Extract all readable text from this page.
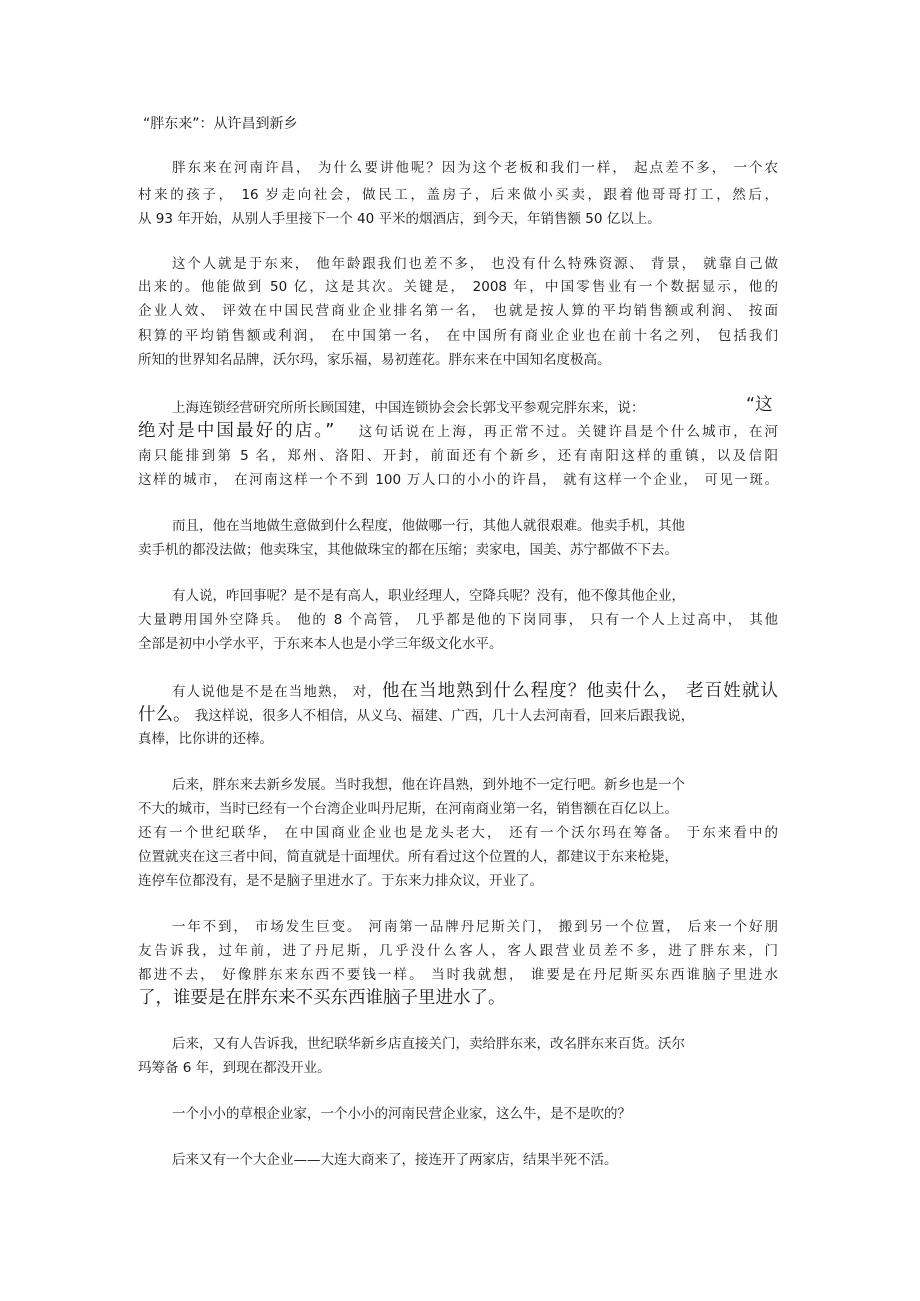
“胖东来”：从许昌到新乡
胖东来在河南许昌， 为什么要讲他呢？因为这个老板和我们一样， 起点差不多， 一个农
村来的孩子， 16 岁走向社会，做民工，盖房子，后来做小买卖，跟着他哥哥打工，然后，
从 93 年开始，从别人手里接下一个 40 平米的烟酒店，到今天，年销售额 50 亿以上。
这个人就是于东来， 他年龄跟我们也差不多， 也没有什么特殊资源、 背景， 就靠自己做
出来的。他能做到 50 亿，这是其次。关键是， 2008 年，中国零售业有一个数据显示，他的
企业人效、 评效在中国民营商业企业排名第一名， 也就是按人算的平均销售额或利润、 按面
积算的平均销售额或利润， 在中国第一名， 在中国所有商业企业也在前十名之列， 包括我们
所知的世界知名品牌，沃尔玛，家乐福，易初莲花。胖东来在中国知名度极高。
上海连锁经营研究所所长顾国建，中国连锁协会会长郭戈平参观完胖东来，说：	“这
绝对是中国最好的店。” 这句话说在上海，再正常不过。关键许昌是个什么城市，在河
南只能排到第 5 名，郑州、洛阳、开封，前面还有个新乡，还有南阳这样的重镇，以及信阳
这样的城市， 在河南这样一个不到 100 万人口的小小的许昌， 就有这样一个企业， 可见一斑。
而且，他在当地做生意做到什么程度，他做哪一行，其他人就很艰难。他卖手机，其他
卖手机的都没法做；他卖珠宝，其他做珠宝的都在压缩；卖家电，国美、苏宁都做不下去。
有人说，咋回事呢？是不是有高人，职业经理人，空降兵呢？没有，他不像其他企业，
大量聘用国外空降兵。 他的 8 个高管， 几乎都是他的下岗同事， 只有一个人上过高中， 其他
全部是初中小学水平，于东来本人也是小学三年级文化水平。
有人说他是不是在当地熟， 对，他在当地熟到什么程度？他卖什么， 老百姓就认
什么。 我这样说，很多人不相信，从义乌、福建、广西，几十人去河南看，回来后跟我说，
真棒，比你讲的还棒。
后来，胖东来去新乡发展。当时我想，他在许昌熟，到外地不一定行吧。新乡也是一个
不大的城市，当时已经有一个台湾企业叫丹尼斯，在河南商业第一名，销售额在百亿以上。
还有一个世纪联华， 在中国商业企业也是龙头老大， 还有一个沃尔玛在筹备。 于东来看中的
位置就夹在这三者中间，简直就是十面埋伏。所有看过这个位置的人，都建议于东来枪毙，
连停车位都没有，是不是脑子里进水了。于东来力排众议，开业了。
一年不到， 市场发生巨变。 河南第一品牌丹尼斯关门， 搬到另一个位置， 后来一个好朋
友告诉我，过年前，进了丹尼斯，几乎没什么客人，客人跟营业员差不多，进了胖东来，门
都进不去， 好像胖东来东西不要钱一样。 当时我就想， 谁要是在丹尼斯买东西谁脑子里进水
了，谁要是在胖东来不买东西谁脑子里进水了。
后来，又有人告诉我，世纪联华新乡店直接关门，卖给胖东来，改名胖东来百货。沃尔
玛筹备 6 年，到现在都没开业。
一个小小的草根企业家，一个小小的河南民营企业家，这么牛，是不是吹的？
后来又有一个大企业——大连大商来了，接连开了两家店，结果半死不活。
